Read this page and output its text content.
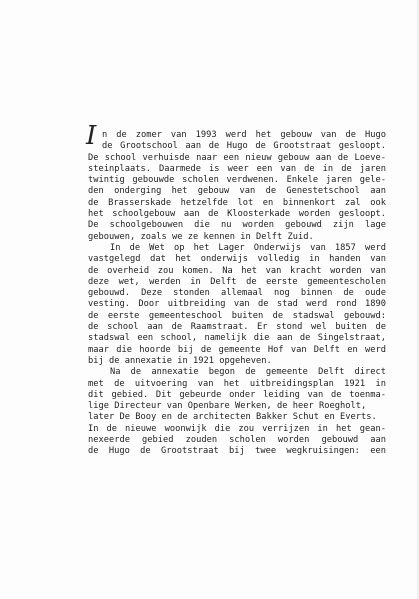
I n de zomer van 1993 werd het gebouw van de Hugo
de Grootschool aan de Hugo de Grootstraat gesloopt.
De school verhuisde naar een nieuw gebouw aan de Loeve-
steinplaats. Daarmede is weer een van de in de jaren
twintig gebouwde scholen verdwenen. Enkele jaren gele-
den onderging het gebouw van de Genestetschool aan
de Brasserskade hetzelfde lot en binnenkort zal ook
het schoolgebouw aan de Kloosterkade worden gesloopt.
De schoolgebouwen die nu worden gebouwd zijn lage
gebouwen, zoals we ze kennen in Delft Zuid.
In de Wet op het Lager Onderwijs van 1857 werd
vastgelegd dat het onderwijs volledig in handen van
de overheid zou komen. Na het van kracht worden van
deze wet, werden in Delft de eerste gemeentescholen
gebouwd. Deze stonden allemaal nog binnen de oude
vesting. Door uitbreiding van de stad werd rond 1890
de eerste gemeenteschool buiten de stadswal gebouwd:
de school aan de Raamstraat. Er stond wel buiten de
stadswal een school, namelijk die aan de Singelstraat,
maar die hoorde bij de gemeente Hof van Delft en werd
bij de annexatie in 1921 opgeheven.
Na de annexatie begon de gemeente Delft direct
met de uitvoering van het uitbreidingsplan 1921 in
dit gebied. Dit gebeurde onder leiding van de toenma-
lige Directeur van Openbare Werken, de heer Roegholt,
later De Booy en de architecten Bakker Schut en Everts.
In de nieuwe woonwijk die zou verrijzen in het gean-
nexeerde gebied zouden scholen worden gebouwd aan
de Hugo de Grootstraat bij twee wegkruisingen: een
